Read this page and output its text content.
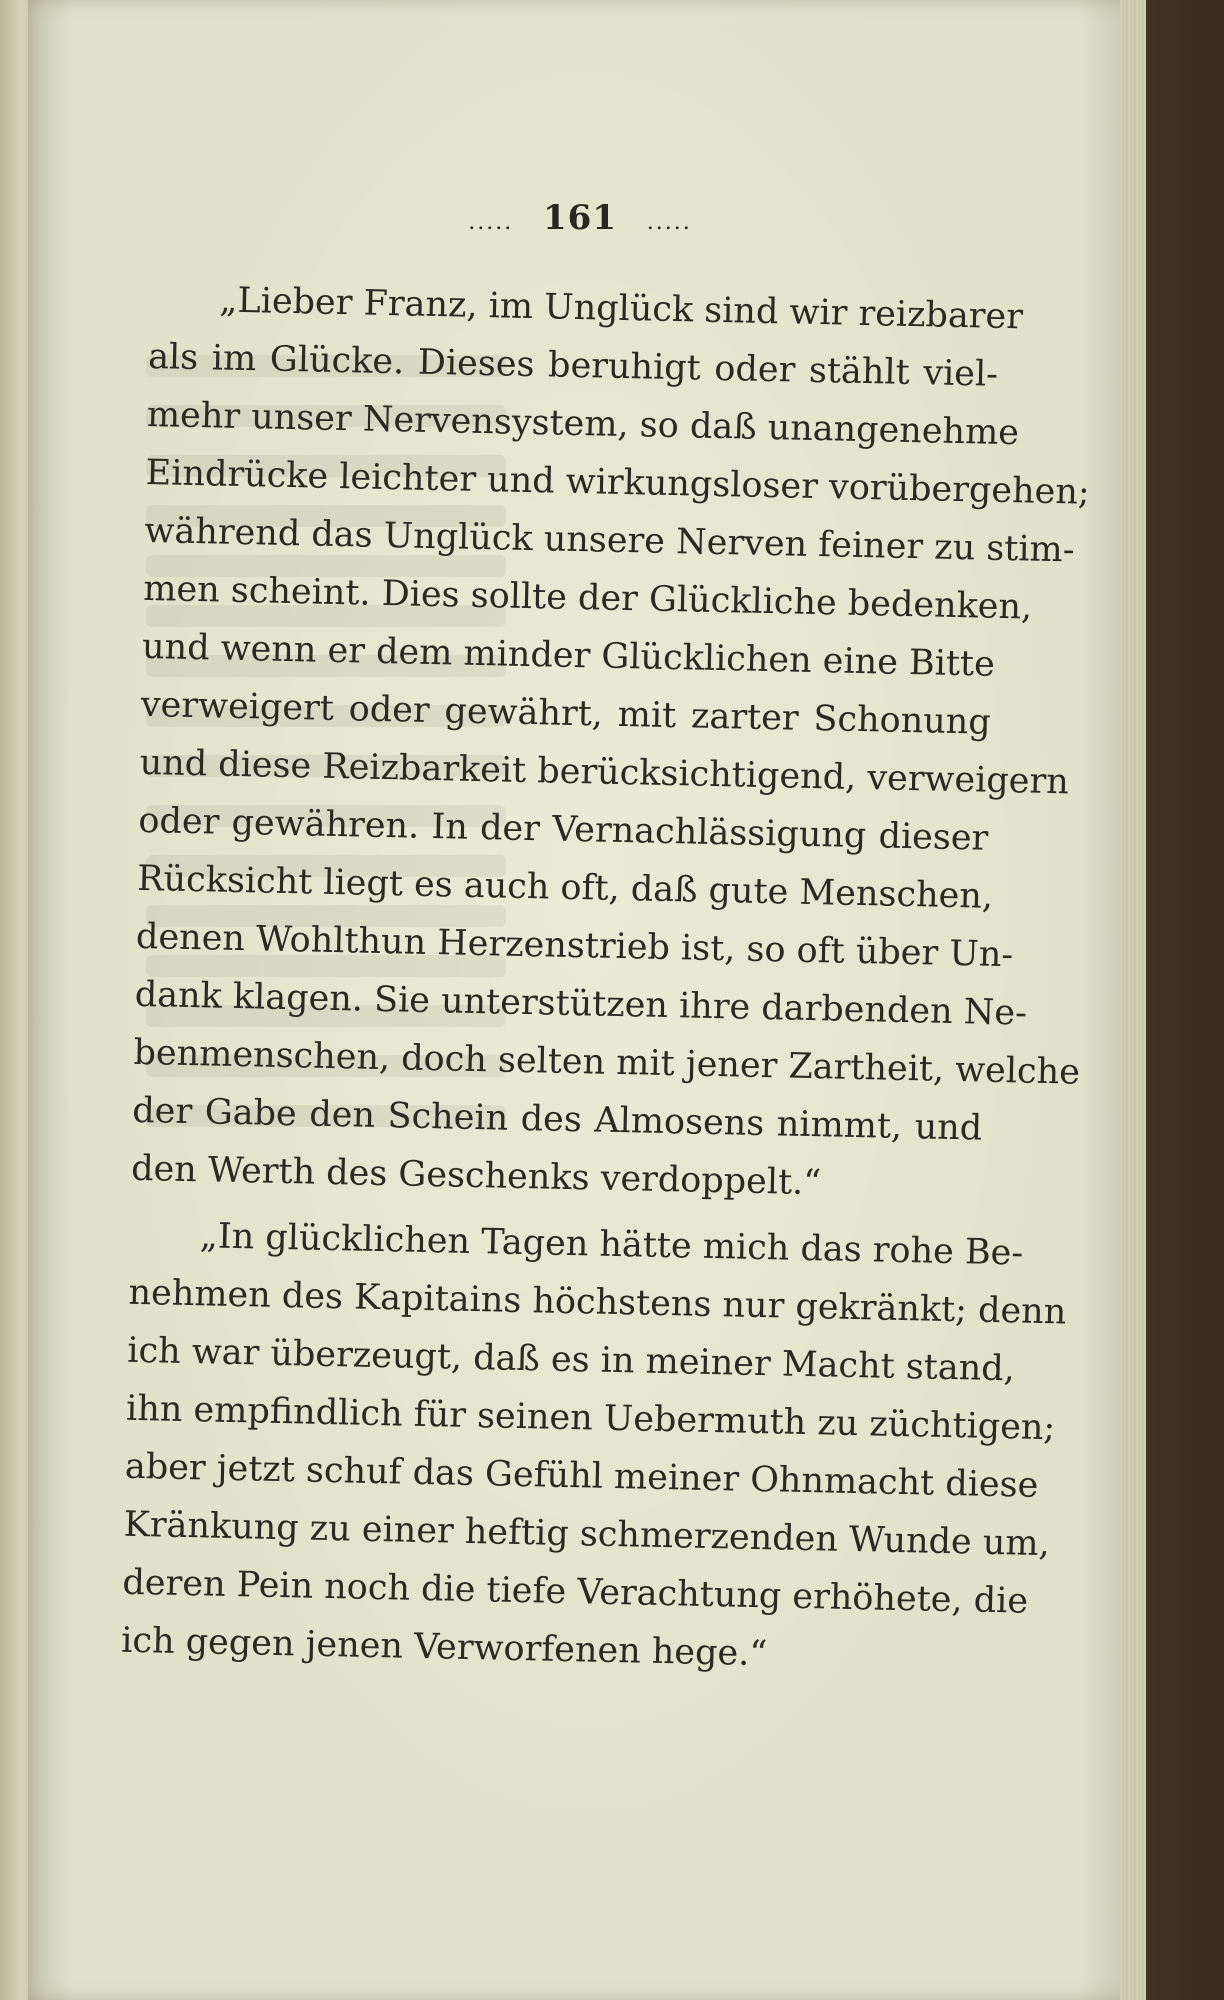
..... 161 .....
„Lieber Franz, im Unglück sind wir reizbarer
als im Glücke. Dieses beruhigt oder stählt viel-
mehr unser Nervensystem, so daß unangenehme
Eindrücke leichter und wirkungsloser vorübergehen;
während das Unglück unsere Nerven feiner zu stim-
men scheint. Dies sollte der Glückliche bedenken,
und wenn er dem minder Glücklichen eine Bitte
verweigert oder gewährt, mit zarter Schonung
und diese Reizbarkeit berücksichtigend, verweigern
oder gewähren. In der Vernachlässigung dieser
Rücksicht liegt es auch oft, daß gute Menschen,
denen Wohlthun Herzenstrieb ist, so oft über Un-
dank klagen. Sie unterstützen ihre darbenden Ne-
benmenschen, doch selten mit jener Zartheit, welche
der Gabe den Schein des Almosens nimmt, und
den Werth des Geschenks verdoppelt.“
„In glücklichen Tagen hätte mich das rohe Be-
nehmen des Kapitains höchstens nur gekränkt; denn
ich war überzeugt, daß es in meiner Macht stand,
ihn empfindlich für seinen Uebermuth zu züchtigen;
aber jetzt schuf das Gefühl meiner Ohnmacht diese
Kränkung zu einer heftig schmerzenden Wunde um,
deren Pein noch die tiefe Verachtung erhöhete, die
ich gegen jenen Verworfenen hege.“
